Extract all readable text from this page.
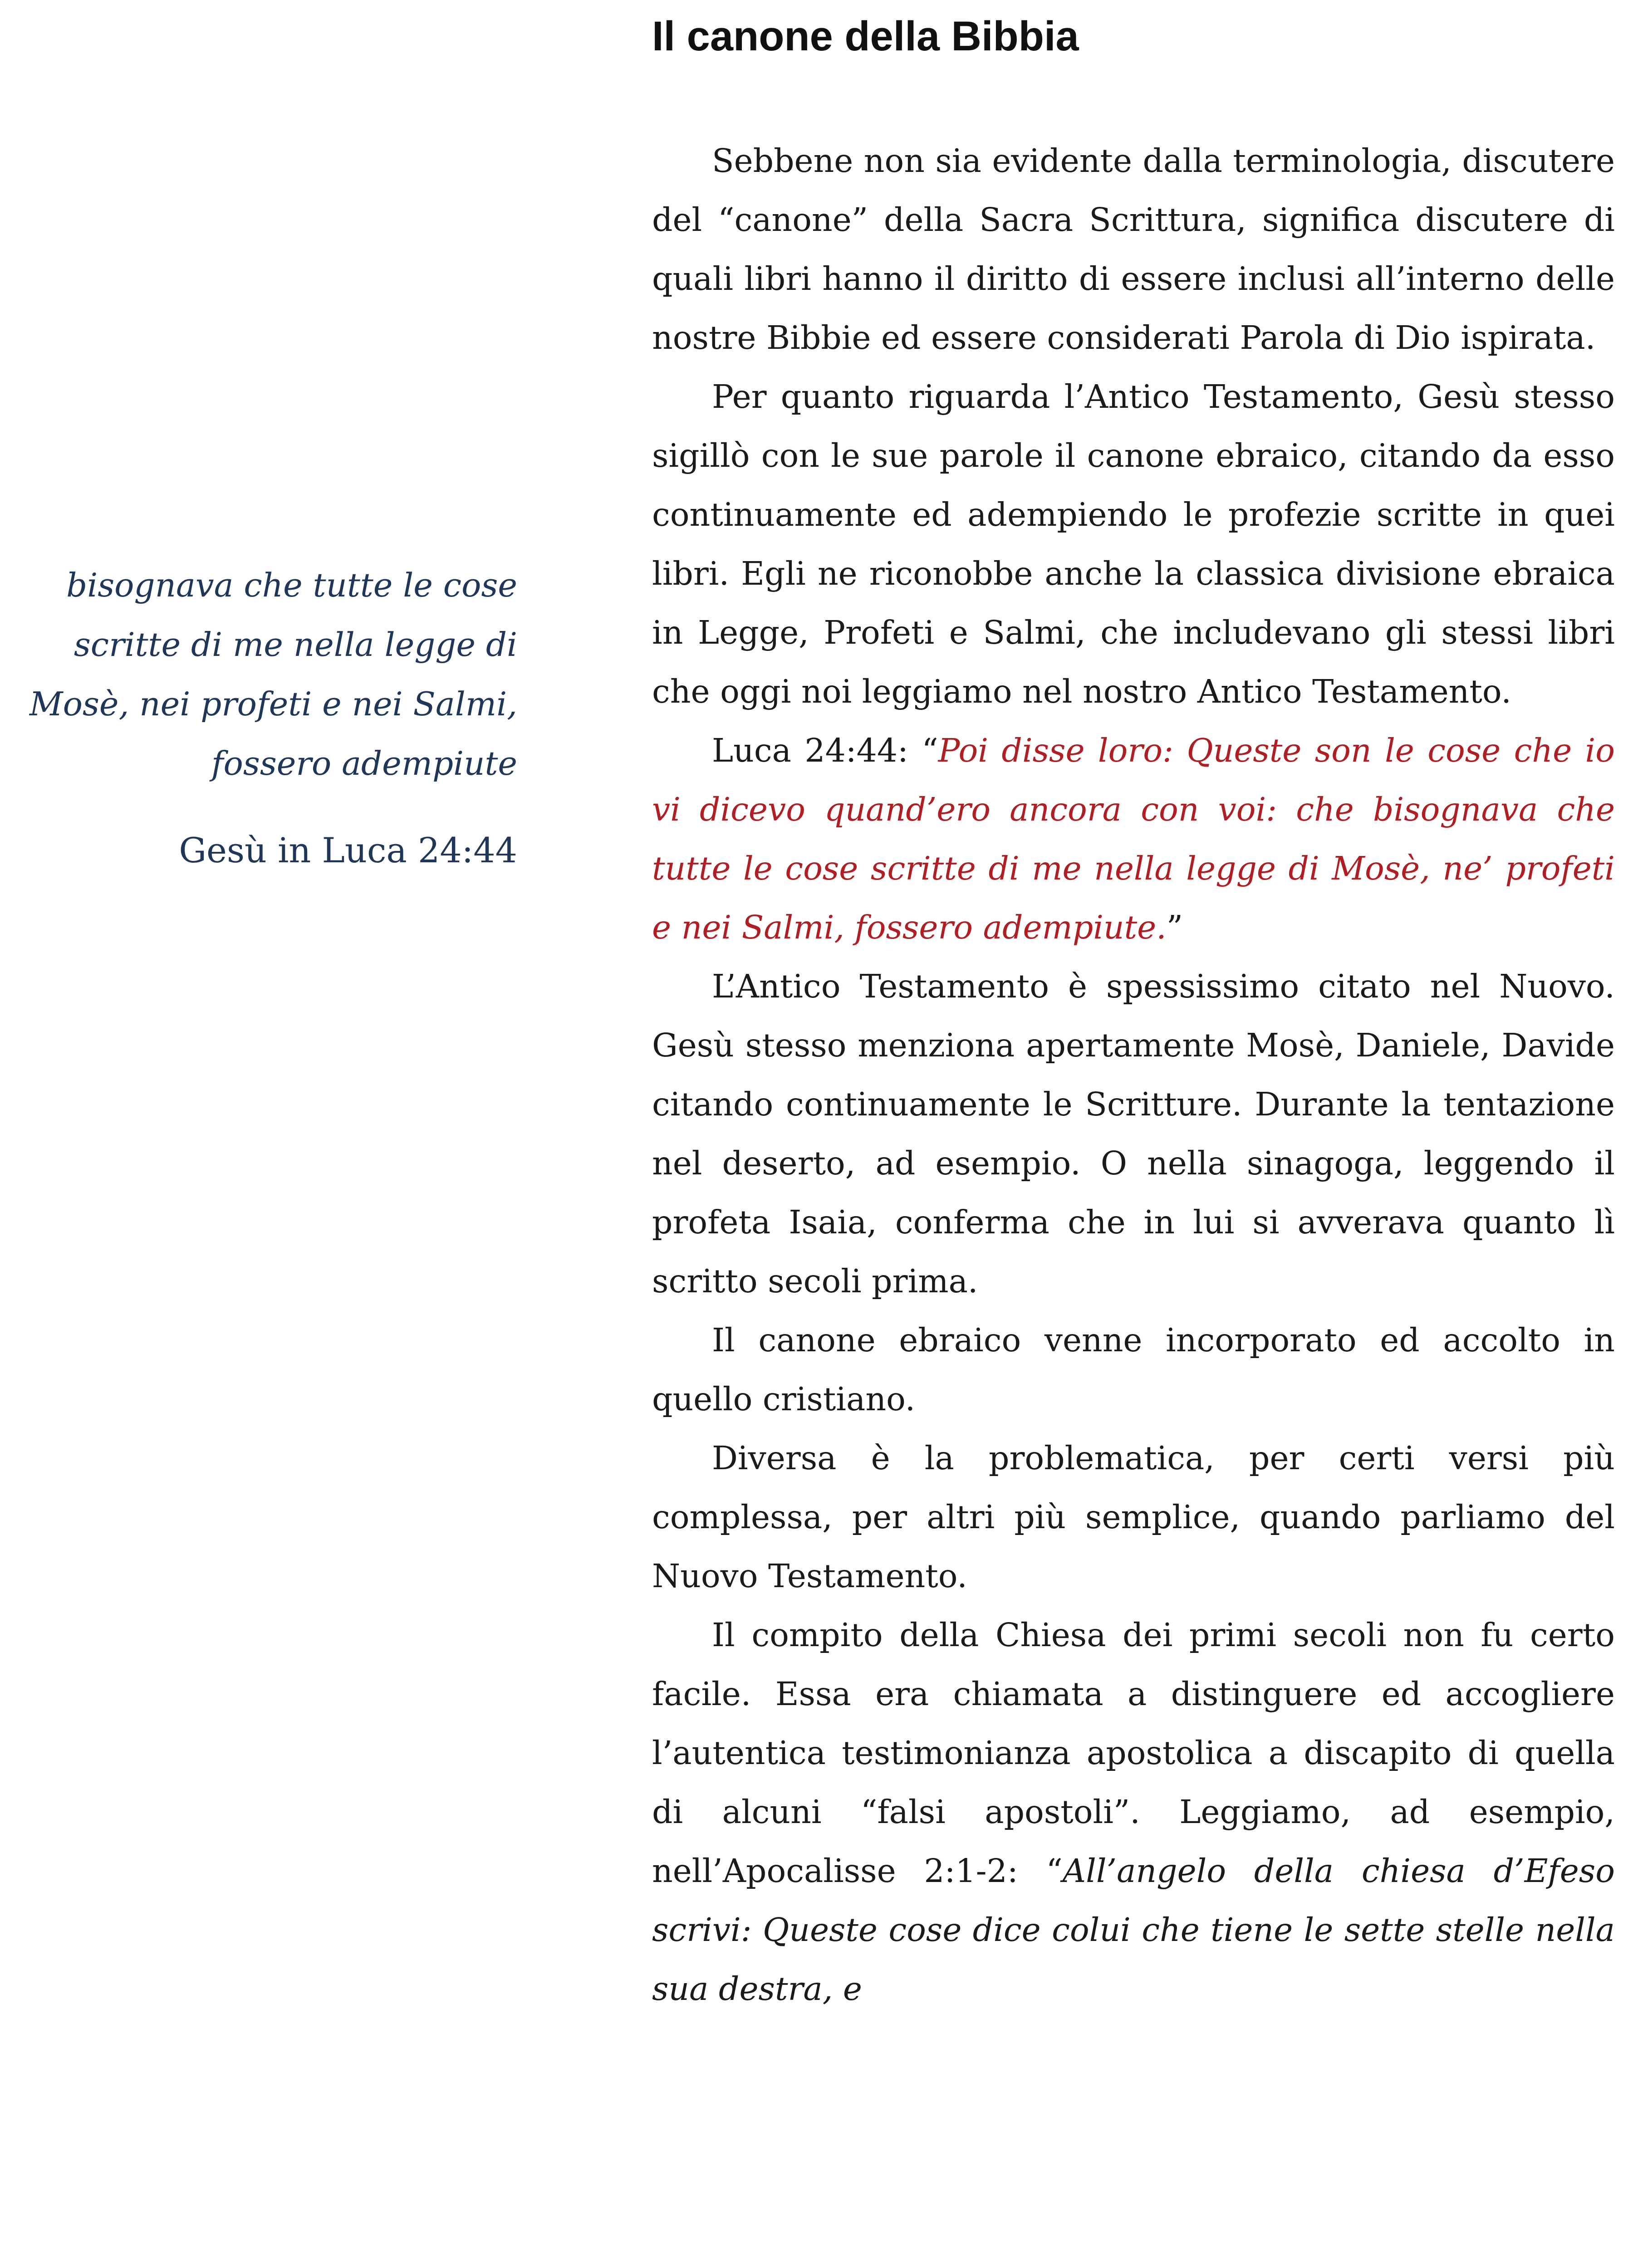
bisognava che tutte le cose scritte di me nella legge di Mosè, nei profeti e nei Salmi, fossero adempiute

Gesù in Luca 24:44

Il canone della Bibbia

Sebbene non sia evidente dalla terminologia, discutere del “canone” della Sacra Scrittura, significa discutere di quali libri hanno il diritto di essere inclusi all’interno delle nostre Bibbie ed essere considerati Parola di Dio ispirata.

Per quanto riguarda l’Antico Testamento, Gesù stesso sigillò con le sue parole il canone ebraico, citando da esso continuamente ed adempiendo le profezie scritte in quei libri. Egli ne riconobbe anche la classica divisione ebraica in Legge, Profeti e Salmi, che includevano gli stessi libri che oggi noi leggiamo nel nostro Antico Testamento.

Luca 24:44: “Poi disse loro: Queste son le cose che io vi dicevo quand’ero ancora con voi: che bisognava che tutte le cose scritte di me nella legge di Mosè, ne’ profeti e nei Salmi, fossero adempiute.”

L’Antico Testamento è spessissimo citato nel Nuovo. Gesù stesso menziona apertamente Mosè, Daniele, Davide citando continuamente le Scritture. Durante la tentazione nel deserto, ad esempio. O nella sinagoga, leggendo il profeta Isaia, conferma che in lui si avverava quanto lì scritto secoli prima.

Il canone ebraico venne incorporato ed accolto in quello cristiano.

Diversa è la problematica, per certi versi più complessa, per altri più semplice, quando parliamo del Nuovo Testamento.

Il compito della Chiesa dei primi secoli non fu certo facile. Essa era chiamata a distinguere ed accogliere l’autentica testimonianza apostolica a discapito di quella di alcuni “falsi apostoli”. Leggiamo, ad esempio, nell’Apocalisse 2:1-2: “All’angelo della chiesa d’Efeso scrivi: Queste cose dice colui che tiene le sette stelle nella sua destra, e
